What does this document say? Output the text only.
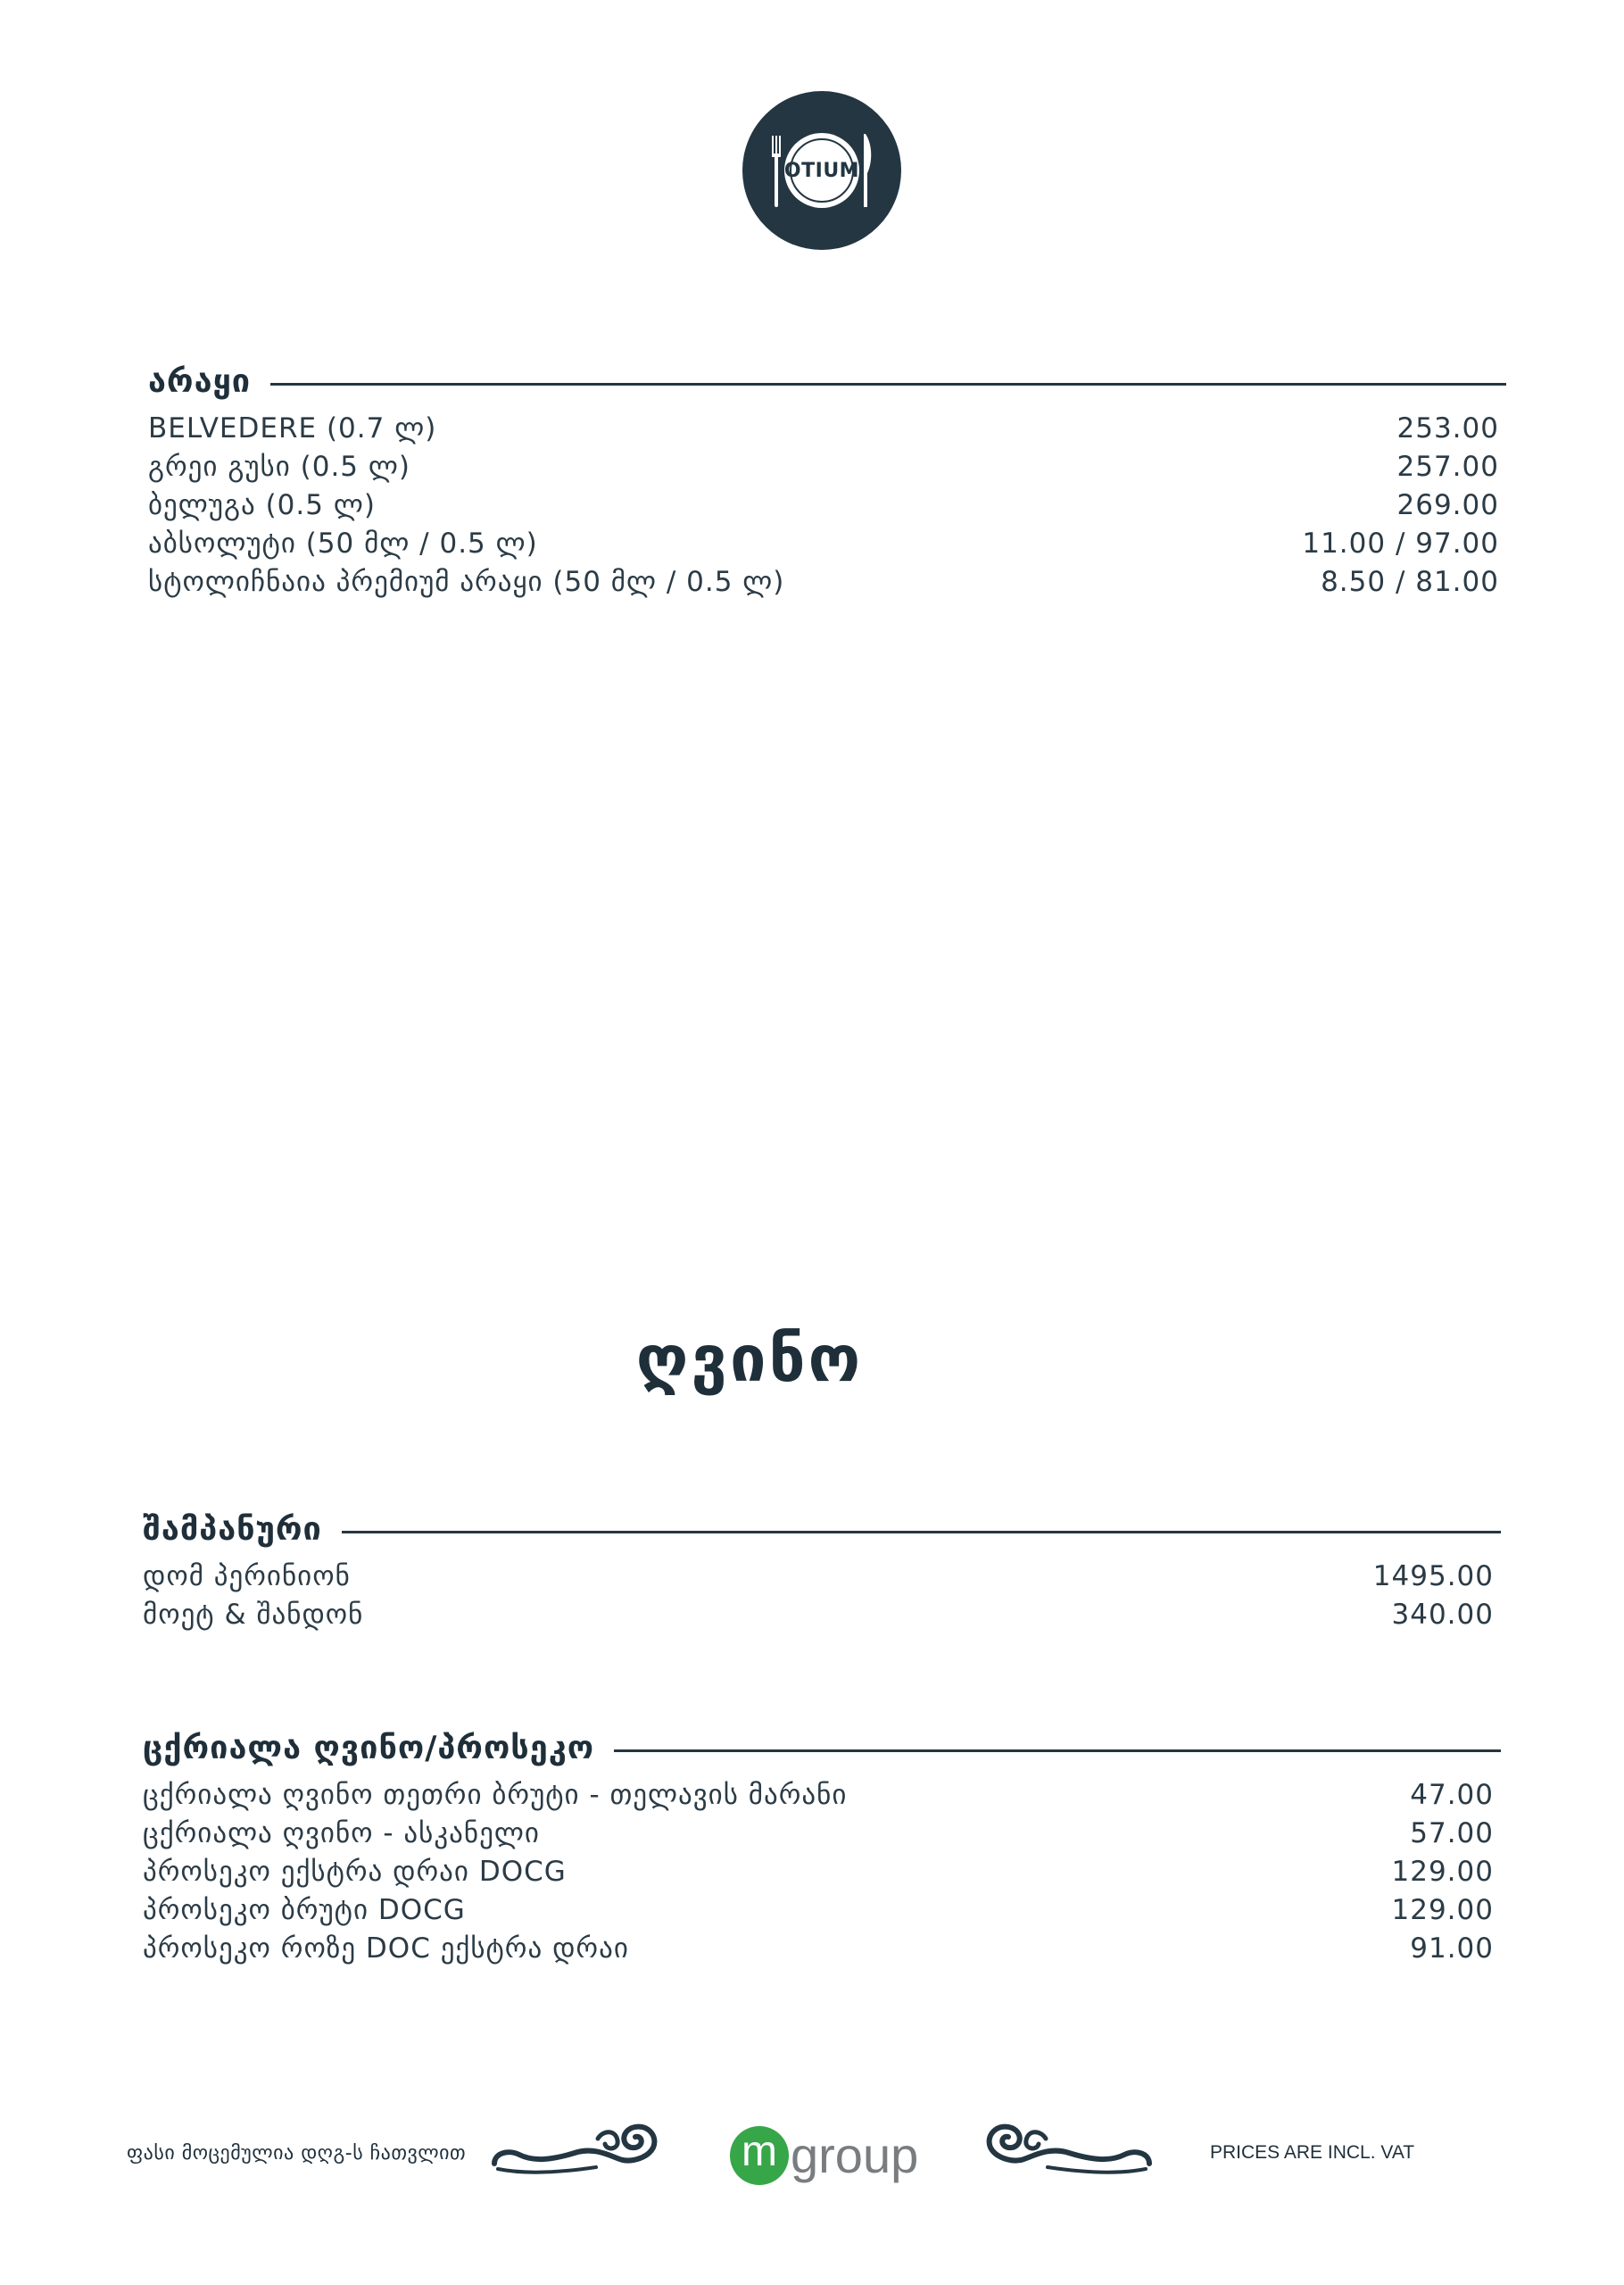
OTIUM
არაყი
BELVEDERE (0.7 ლ)	253.00
გრეი გუსი (0.5 ლ)	257.00
ბელუგა (0.5 ლ)	269.00
აბსოლუტი (50 მლ / 0.5 ლ)	11.00 / 97.00
სტოლიჩნაია პრემიუმ არაყი (50 მლ / 0.5 ლ)	8.50 / 81.00
ღვინო
შამპანური
დომ პერინიონ	1495.00
მოეტ & შანდონ	340.00
ცქრიალა ღვინო/პროსეკო
ცქრიალა ღვინო თეთრი ბრუტი - თელავის მარანი	47.00
ცქრიალა ღვინო - ასკანელი	57.00
პროსეკო ექსტრა დრაი DOCG	129.00
პროსეკო ბრუტი DOCG	129.00
პროსეკო როზე DOC ექსტრა დრაი	91.00
ფასი მოცემულია დღგ-ს ჩათვლით	m group	PRICES ARE INCL. VAT
